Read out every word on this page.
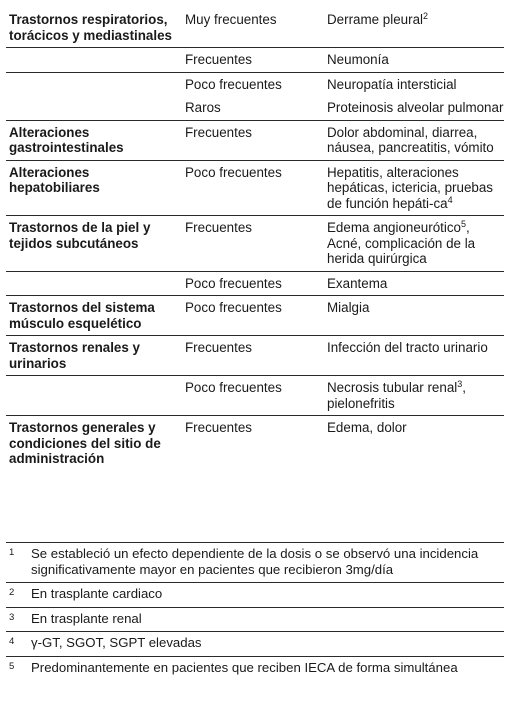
Trastornos respiratorios, torácicos y mediastinales	Muy frecuentes	Derrame pleural$^2$
	Frecuentes	Neumonía
	Poco frecuentes	Neuropatía intersticial
	Raros	Proteinosis alveolar pulmonar
Alteraciones gastrointestinales	Frecuentes	Dolor abdominal, diarrea, náusea, pancreatitis, vómito
Alteraciones hepatobiliares	Poco frecuentes	Hepatitis, alteraciones hepáticas, ictericia, pruebas de función hepáti-$ca^4$
Trastornos de la piel y tejidos subcutáneos	Frecuentes	Edema angioneurótico$^5$, Acné, complicación de la herida quirúrgica
	Poco frecuentes	Exantema
Trastornos del sistema músculo esquelético	Poco frecuentes	Mialgia
Trastornos renales y urinarios	Frecuentes	Infección del tracto urinario
	Poco frecuentes	Necrosis tubular renal$^3$, pielonefritis
Trastornos generales y condiciones del sitio de administración	Frecuentes	Edema, dolor
1	Se estableció un efecto dependiente de la dosis o se observó una incidencia significativamente mayor en pacientes que recibieron 3mg/día
2	En trasplante cardiaco
3	En trasplante renal
4	γ-GT, SGOT, SGPT elevadas
5	Predominantemente en pacientes que reciben IECA de forma simultánea
